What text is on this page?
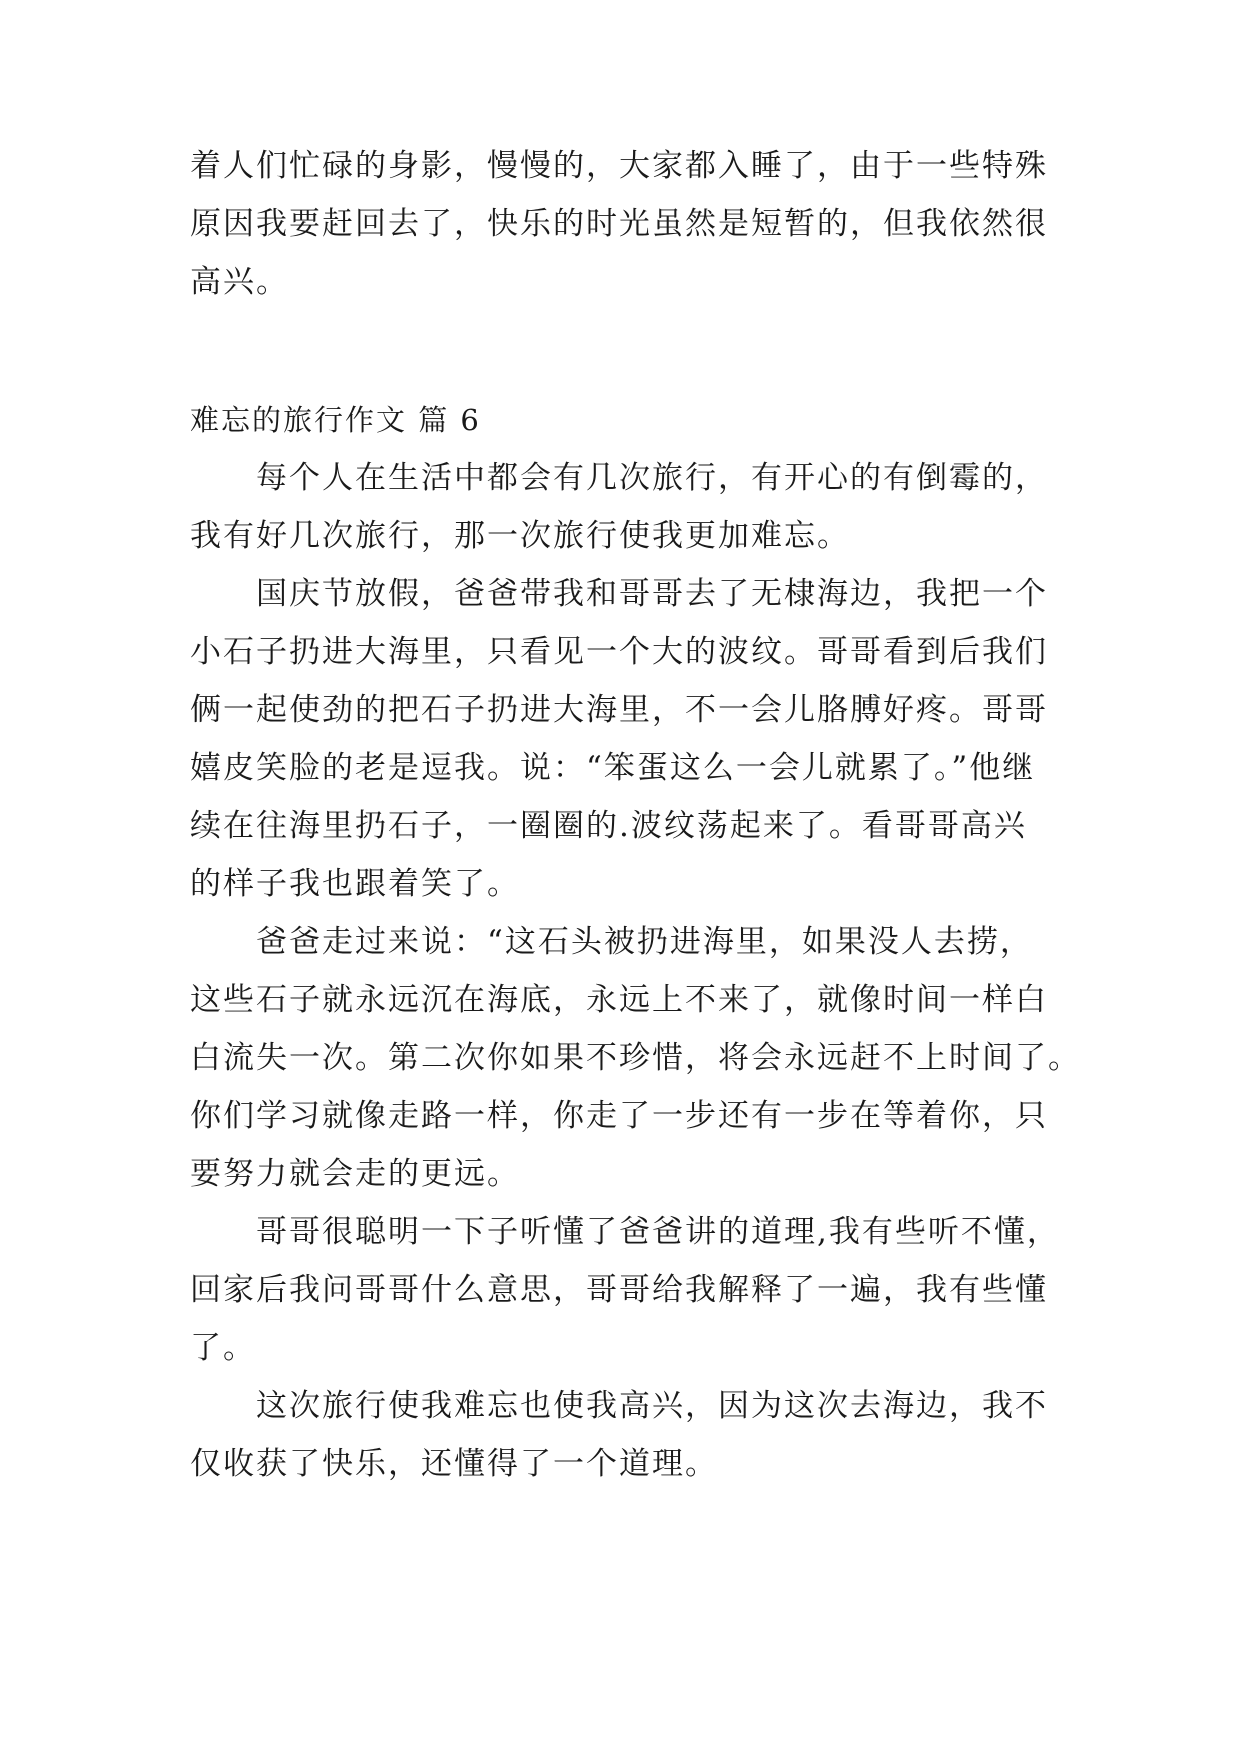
着人们忙碌的身影，慢慢的，大家都入睡了，由于一些特殊
原因我要赶回去了，快乐的时光虽然是短暂的，但我依然很
高兴。
难忘的旅行作文 篇 6
每个人在生活中都会有几次旅行，有开心的有倒霉的，
我有好几次旅行，那一次旅行使我更加难忘。
国庆节放假，爸爸带我和哥哥去了无棣海边，我把一个
小石子扔进大海里，只看见一个大的波纹。哥哥看到后我们
俩一起使劲的把石子扔进大海里，不一会儿胳膊好疼。哥哥
嬉皮笑脸的老是逗我。说：“笨蛋这么一会儿就累了。”他继
续在往海里扔石子，一圈圈的.波纹荡起来了。看哥哥高兴
的样子我也跟着笑了。
爸爸走过来说：“这石头被扔进海里，如果没人去捞，
这些石子就永远沉在海底，永远上不来了，就像时间一样白
白流失一次。第二次你如果不珍惜，将会永远赶不上时间了。
你们学习就像走路一样，你走了一步还有一步在等着你，只
要努力就会走的更远。
哥哥很聪明一下子听懂了爸爸讲的道理,我有些听不懂，
回家后我问哥哥什么意思，哥哥给我解释了一遍，我有些懂
了。
这次旅行使我难忘也使我高兴，因为这次去海边，我不
仅收获了快乐，还懂得了一个道理。
